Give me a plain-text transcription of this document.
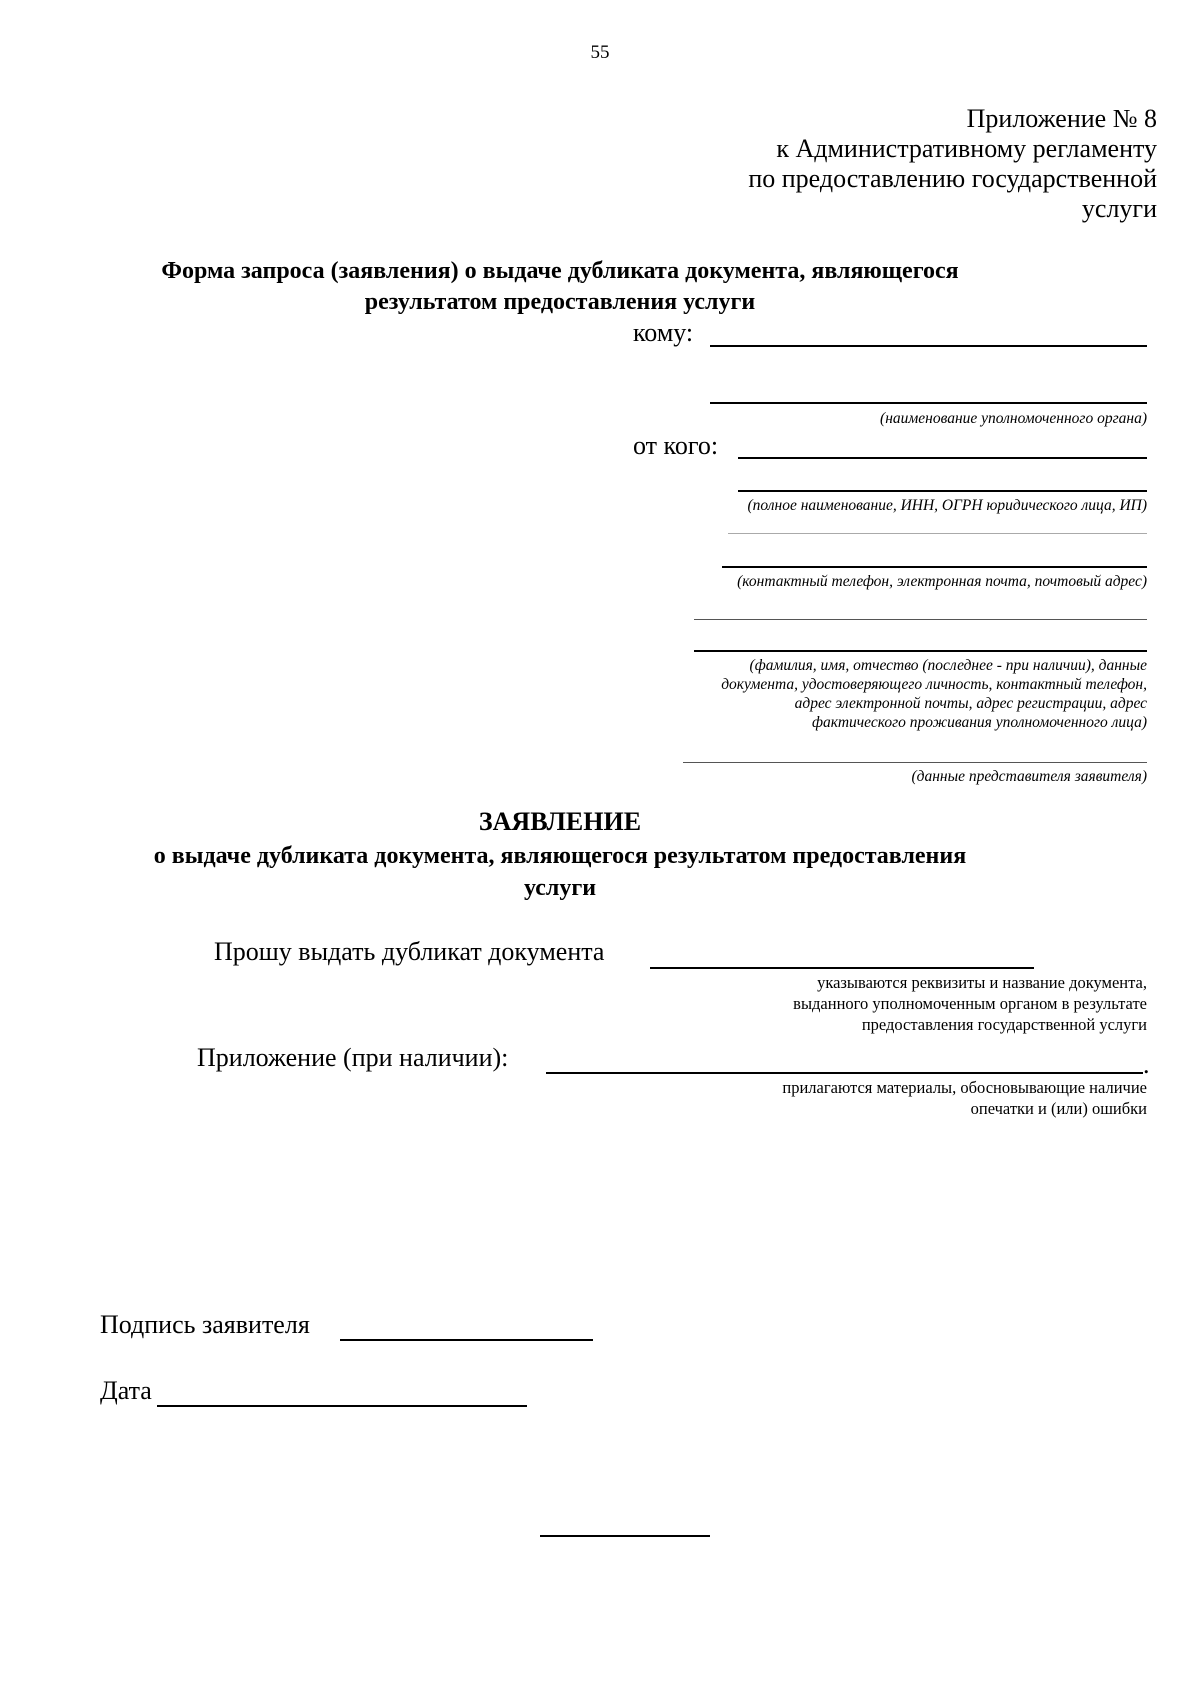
55
Приложение № 8
к Административному регламенту
по предоставлению государственной
услуги
Форма запроса (заявления) о выдаче дубликата документа, являющегося
результатом предоставления услуги
кому:
(наименование уполномоченного органа)
от кого:
(полное наименование, ИНН, ОГРН юридического лица, ИП)
(контактный телефон, электронная почта, почтовый адрес)
(фамилия, имя, отчество (последнее - при наличии), данные
документа, удостоверяющего личность, контактный телефон,
адрес электронной почты, адрес регистрации, адрес
фактического проживания уполномоченного лица)
(данные представителя заявителя)
ЗАЯВЛЕНИЕ
о выдаче дубликата документа, являющегося результатом предоставления
услуги
Прошу выдать дубликат документа
указываются реквизиты и название документа,
выданного уполномоченным органом в результате
предоставления государственной услуги
Приложение (при наличии):	.
прилагаются материалы, обосновывающие наличие
опечатки и (или) ошибки
Подпись заявителя
Дата
